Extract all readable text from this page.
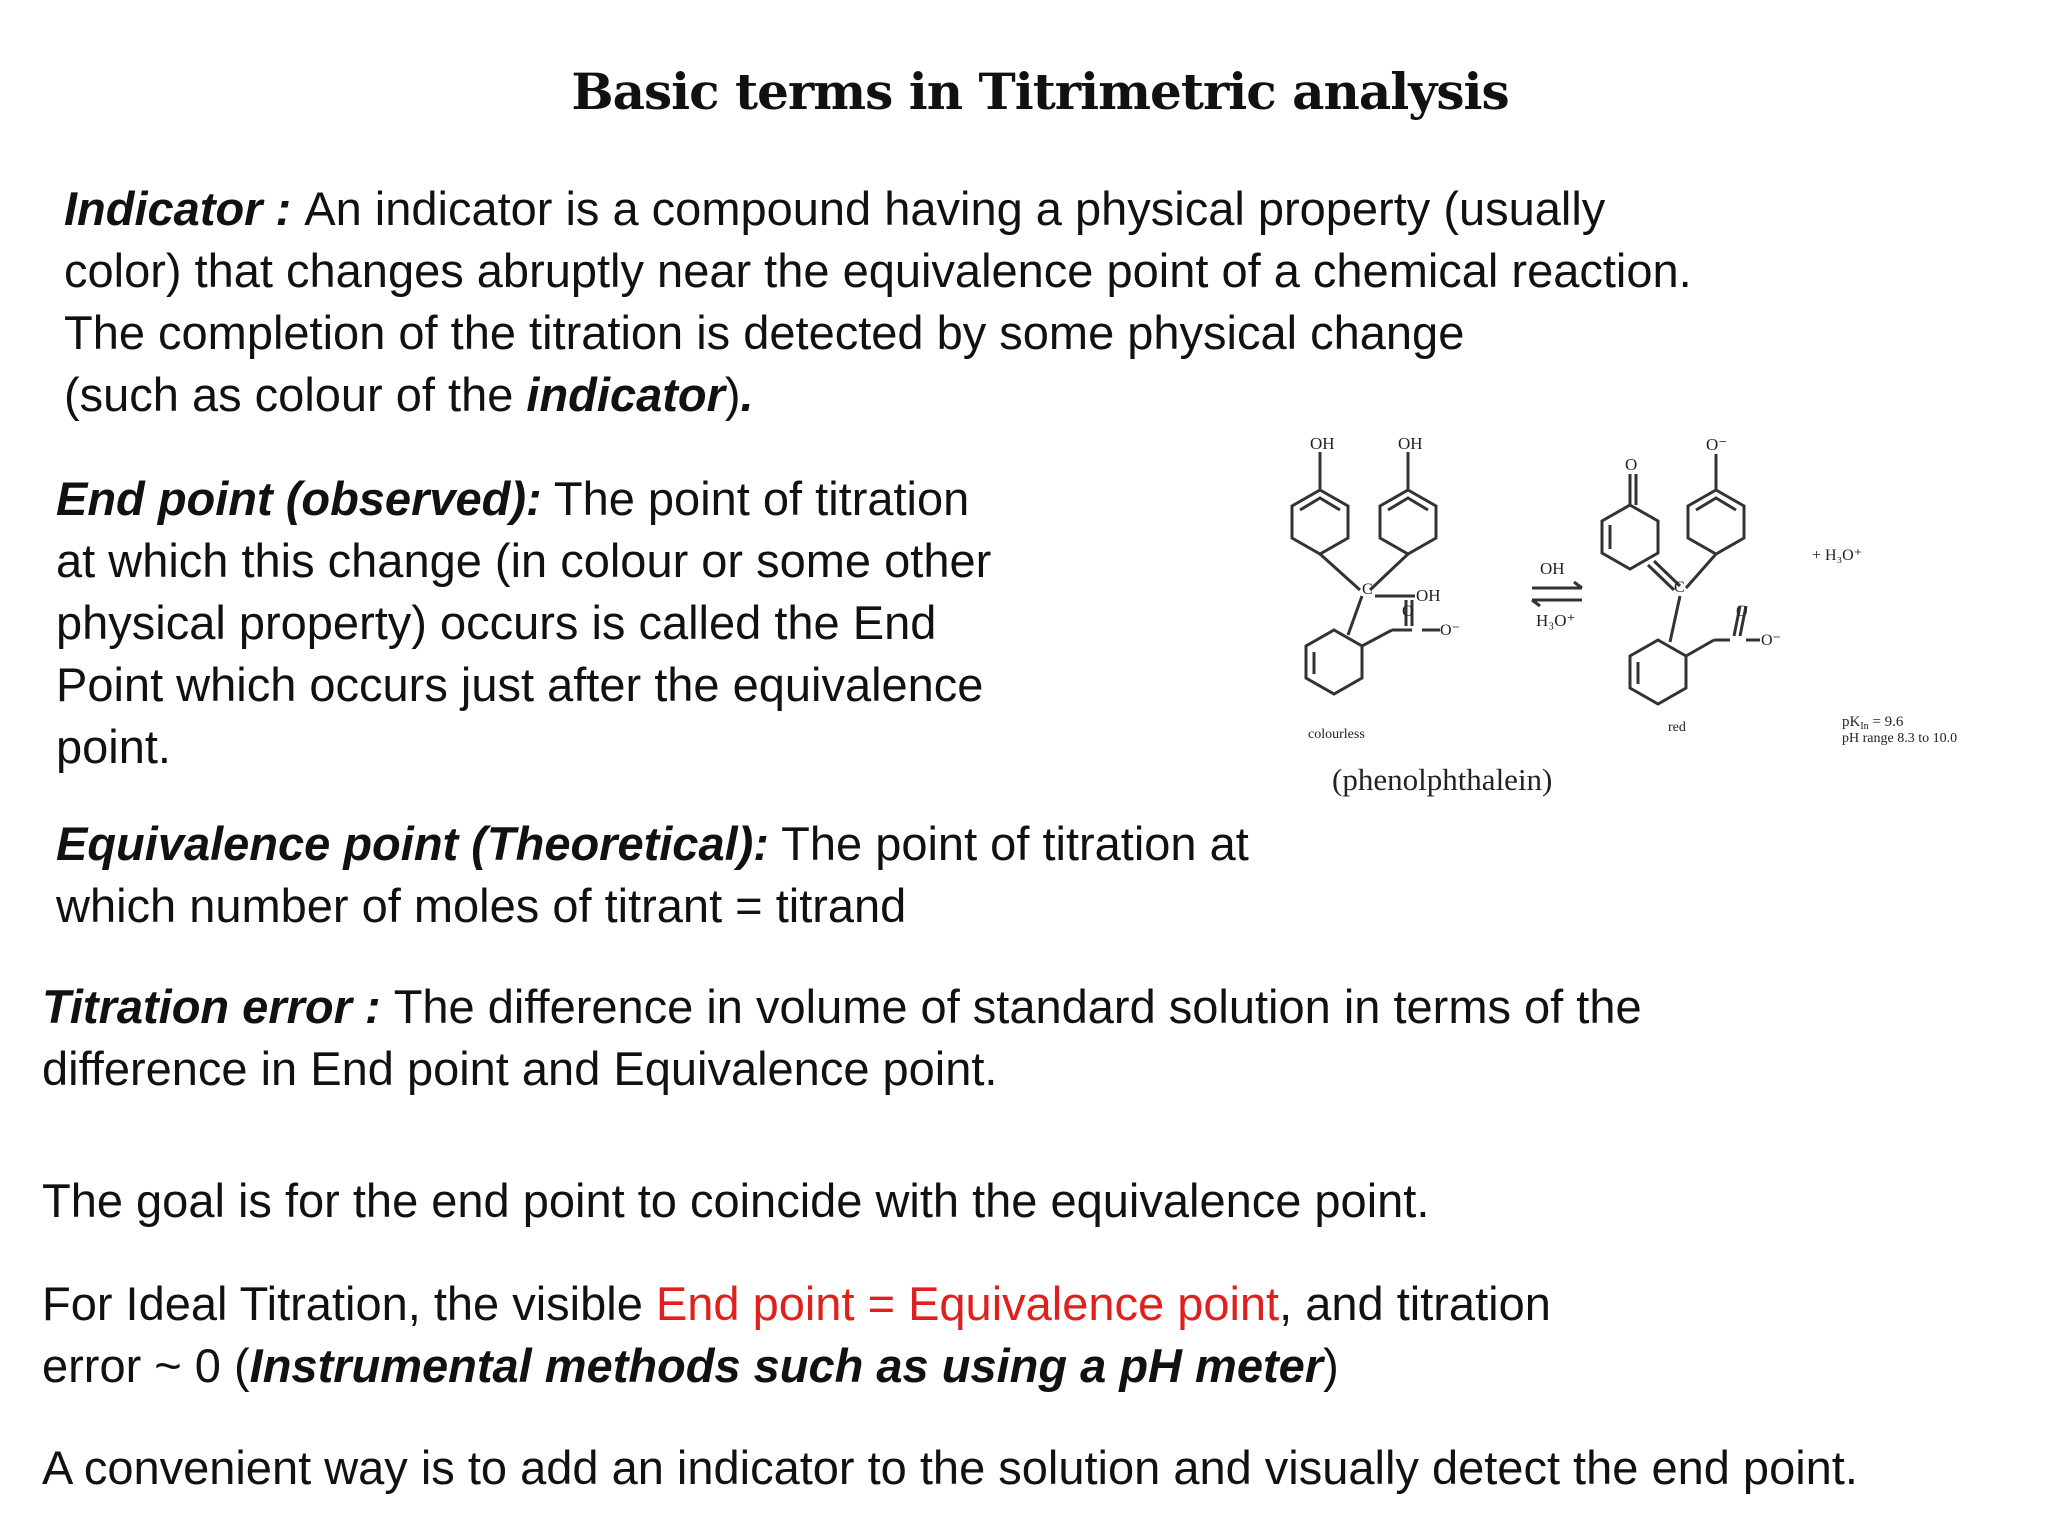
Basic terms in Titrimetric analysis
Indicator : An indicator is a compound having a physical property (usually
color) that changes abruptly near the equivalence point of a chemical reaction.
The completion of the titration is detected by some physical change
(such as colour of the indicator).
End point (observed): The point of titration
at which this change (in colour or some other
physical property) occurs is called the End
Point which occurs just after the equivalence
point.
Equivalence point (Theoretical): The point of titration at
which number of moles of titrant = titrand
Titration error : The difference in volume of standard solution in terms of the
difference in End point and Equivalence point.
The goal is for the end point to coincide with the equivalence point.
For Ideal Titration, the visible End point = Equivalence point, and titration
error ~ 0 (Instrumental methods such as using a pH meter)
A convenient way is to add an indicator to the solution and visually detect the end point.
OH	OH
C	OH
O
O⁻
OH
H₃O⁺
O
O⁻
C
O
O⁻
+ H₃O⁺
colourless	red	$pK_{In} = 9.6$
pH range 8.3 to 10.0
(phenolphthalein)
